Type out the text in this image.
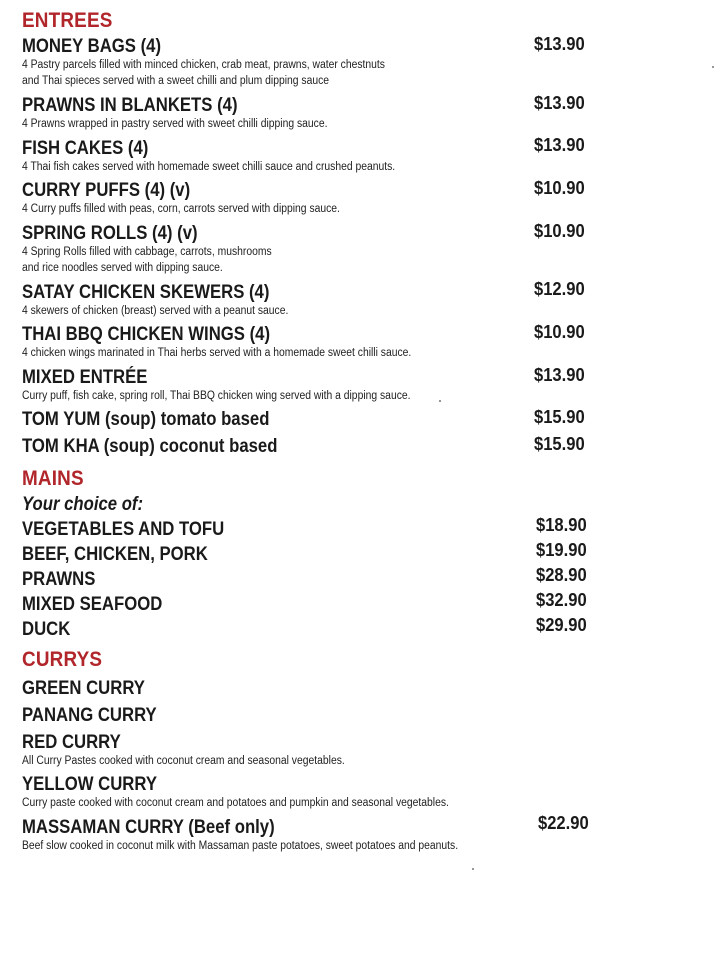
ENTREES
MONEY BAGS (4)
4 Pastry parcels filled with minced chicken, crab meat, prawns, water chestnuts
and Thai spieces served with a sweet chilli and plum dipping sauce
$13.90
PRAWNS IN BLANKETS (4)
4 Prawns wrapped in pastry served with sweet chilli dipping sauce.
$13.90
FISH CAKES (4)
4 Thai fish cakes served with homemade sweet chilli sauce and crushed peanuts.
$13.90
CURRY PUFFS (4) (v)
4 Curry puffs filled with peas, corn, carrots served with dipping sauce.
$10.90
SPRING ROLLS (4) (v)
4 Spring Rolls filled with cabbage, carrots, mushrooms
and rice noodles served with dipping sauce.
$10.90
SATAY CHICKEN SKEWERS (4)
4 skewers of chicken (breast) served with a peanut sauce.
$12.90
THAI BBQ CHICKEN WINGS (4)
4 chicken wings marinated in Thai herbs served with a homemade sweet chilli sauce.
$10.90
MIXED ENTRÉE
Curry puff, fish cake, spring roll, Thai BBQ chicken wing served with a dipping sauce.
$13.90
TOM YUM (soup) tomato based	$15.90
TOM KHA (soup) coconut based	$15.90
MAINS
Your choice of:
VEGETABLES AND TOFU	$18.90
BEEF, CHICKEN, PORK	$19.90
PRAWNS	$28.90
MIXED SEAFOOD	$32.90
DUCK	$29.90
CURRYS
GREEN CURRY
PANANG CURRY
RED CURRY
All Curry Pastes cooked with coconut cream and seasonal vegetables.
YELLOW CURRY
Curry paste cooked with coconut cream and potatoes and pumpkin and seasonal vegetables.
MASSAMAN CURRY (Beef only)
Beef slow cooked in coconut milk with Massaman paste potatoes, sweet potatoes and peanuts.
$22.90
